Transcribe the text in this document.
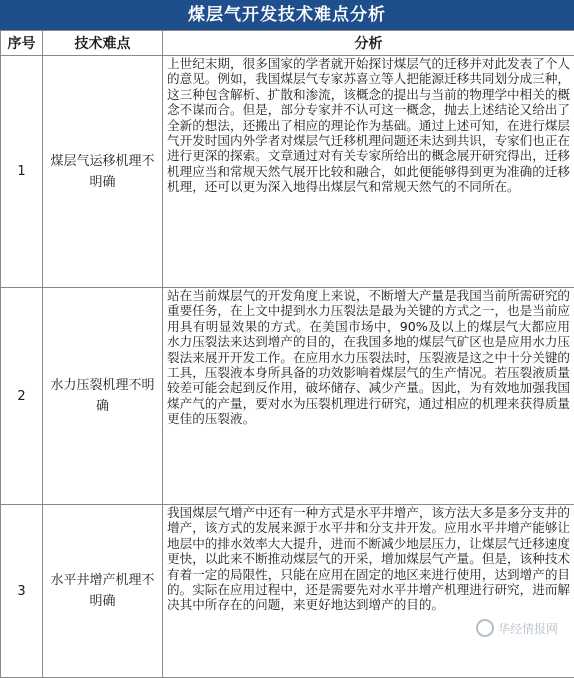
煤层气开发技术难点分析
序号	技术难点	分析
1	煤层气运移机理不明确	上世纪末期，很多国家的学者就开始探讨煤层气的迁移并对此发表了个人的意见。例如，我国煤层气专家苏喜立等人把能源迁移共同划分成三种，这三种包含解析、扩散和渗流，该概念的提出与当前的物理学中相关的概念不谋而合。但是，部分专家并不认可这一概念，抛去上述结论又给出了全新的想法，还搬出了相应的理论作为基础。通过上述可知，在进行煤层气开发时国内外学者对煤层气迁移机理问题还未达到共识，专家们也正在进行更深的探索。文章通过对有关专家所给出的概念展开研究得出，迁移机理应当和常规天然气展开比较和融合，如此便能够得到更为准确的迁移机理，还可以更为深入地得出煤层气和常规天然气的不同所在。
2	水力压裂机理不明确	站在当前煤层气的开发角度上来说，不断增大产量是我国当前所需研究的重要任务，在上文中提到水力压裂法是最为关键的方式之一，也是当前应用具有明显效果的方式。在美国市场中，90%及以上的煤层气大都应用水力压裂法来达到增产的目的，在我国多地的煤层气矿区也是应用水力压裂法来展开开发工作。在应用水力压裂法时，压裂液是这之中十分关键的工具，压裂液本身所具备的功效影响着煤层气的生产情况。若压裂液质量较差可能会起到反作用，破坏储存、减少产量。因此，为有效地加强我国煤产气的产量，要对水为压裂机理进行研究，通过相应的机理来获得质量更佳的压裂液。
3	水平井增产机理不明确	我国煤层气增产中还有一种方式是水平井增产，该方法大多是多分支井的增产，该方式的发展来源于水平井和分支井开发。应用水平井增产能够让地层中的排水效率大大提升，进而不断减少地层压力，让煤层气迁移速度更快，以此来不断推动煤层气的开采，增加煤层气产量。但是，该种技术有着一定的局限性，只能在应用在固定的地区来进行使用，达到增产的目的。实际在应用过程中，还是需要先对水平井增产机理进行研究，进而解决其中所存在的问题，来更好地达到增产的目的。
华经情报网
